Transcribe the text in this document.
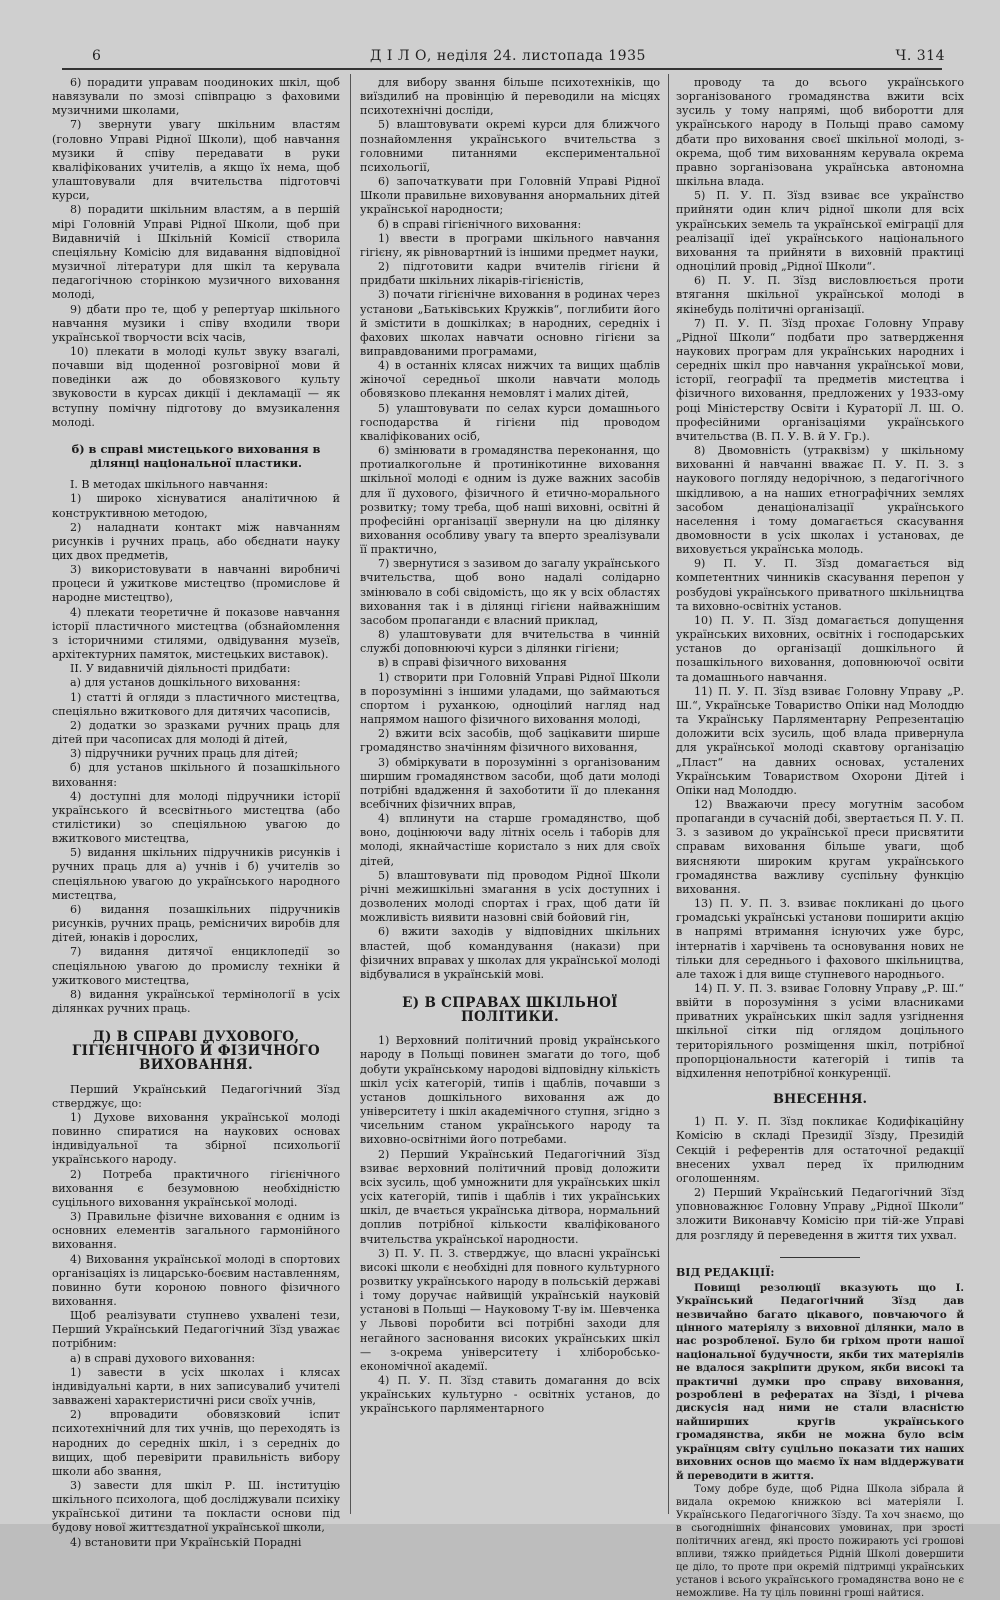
6	Д І Л О, неділя 24. листопада 1935	Ч. 314

6) порадити управам поодиноких шкіл, щоб навязували по змозі співпрацю з фаховими музичними школами,

7) звернути увагу шкільним властям (головно Управі Рідної Школи), щоб навчання музики й співу передавати в руки кваліфікованих учителів, а якщо їх нема, щоб улаштовували для вчительства підготовчі курси,

8) порадити шкільним властям, а в першій мірі Головній Управі Рідної Школи, щоб при Видавничій і Шкільній Комісії створила спеціяльну Комісію для видавання відповідної музичної літератури для шкіл та керувала педагогічною сторінкою музичного виховання молоді,

9) дбати про те, щоб у репертуар шкільного навчання музики і співу входили твори української творчости всіх часів,

10) плекати в молоді культ звуку взагалі, почавши від щоденної розговірної мови й поведінки аж до обовязкового культу звуковости в курсах дикції і декламації — як вступну помічну підготову до вмузикалення молоді.

б) в справі мистецького виховання в ділянці національної пластики.

І. В методах шкільного навчання:

1) широко хіснуватися аналітичною й конструктивною методою,

2) наладнати контакт між навчанням рисунків і ручних праць, або обєднати науку цих двох предметів,

3) використовувати в навчанні виробничі процеси й ужиткове мистецтво (промислове й народне мистецтво),

4) плекати теоретичне й показове навчання історії пластичного мистецтва (обзнайомлення з історичними стилями, одвідування музеїв, архітектурних памяток, мистецьких виставок).

ІІ. У видавничій діяльності придбати:

а) для установ дошкільного виховання:

1) статті й огляди з пластичного мистецтва, спеціяльно вжиткового для дитячих часописів,

2) додатки зо зразками ручних праць для дітей при часописах для молоді й дітей,

3) підручники ручних праць для дітей;

б) для установ шкільного й позашкільного виховання:

4) доступні для молоді підручники історії українського й всесвітнього мистецтва (або стилістики) зо спеціяльною увагою до вжиткового мистецтва,

5) видання шкільних підручників рисунків і ручних праць для а) учнів і б) учителів зо спеціяльною увагою до українського народного мистецтва,

6) видання позашкільних підручників рисунків, ручних праць, ремісничих виробів для дітей, юнаків і дорослих,

7) видання дитячої енциклопедії зо спеціяльною увагою до промислу техніки й ужиткового мистецтва,

8) видання української термінології в усіх ділянках ручних праць.

Д) В СПРАВІ ДУХОВОГО, ГІГІЄНІЧНОГО Й ФІЗИЧНОГО ВИХОВАННЯ.

Перший Український Педагогічний Зїзд стверджує, що:

1) Духове виховання української молоді повинно спиратися на наукових основах індивідуальної та збірної психольогії українського народу.

2) Потреба практичного гігієнічного виховання є безумовною необхідністю суцільного виховання української молоді.

3) Правильне фізичне виховання є одним із основних елементів загального гармонійного виховання.

4) Виховання української молоді в спортових організаціях із лицарсько-боєвим наставленням, повинно бути короною повного фізичного виховання.

Щоб реалізувати ступнево ухвалені тези, Перший Український Педагогічний Зїзд уважає потрібним:

а) в справі духового виховання:

1) завести в усіх школах і клясах індивідуальні карти, в них записувалиб учителі завважені характеристичні риси своїх учнів,

2) впровадити обовязковий іспит психотехнічний для тих учнів, що переходять із народних до середніх шкіл, і з середніх до вищих, щоб перевірити правильність вибору школи або звання,

3) завести для шкіл Р. Ш. інституцію шкільного психолога, щоб досліджували психіку української дитини та покласти основи під будову нової життєздатної української школи,

4) встановити при Українській Порадні

для вибору звання більше психотехніків, що виїздилиб на провінцію й переводили на місцях психотехнічні досліди,

5) влаштовувати окремі курси для ближчого познайомлення українського вчительства з головними питаннями експериментальної психольогії,

6) започаткувати при Головній Управі Рідної Школи правильне виховування анормальних дітей української народности;

б) в справі гігієнічного виховання:

1) ввести в програми шкільного навчання гігієну, як рівновартний із іншими предмет науки,

2) підготовити кадри вчителів гігієни й придбати шкільних лікарів-гігієністів,

3) почати гігієнічне виховання в родинах через установи „Батьківських Кружків“, поглибити його й змістити в дошкілках; в народних, середніх і фахових школах навчати основно гігієни за виправдованими програмами,

4) в останніх клясах нижчих та вищих щаблів жіночої середньої школи навчати молодь обовязково плекання немовлят і малих дітей,

5) улаштовувати по селах курси домашнього господарства й гігієни під проводом кваліфікованих осіб,

6) змінювати в громадянства переконання, що протиалкогольне й протинікотинне виховання шкільної молоді є одним із дуже важних засобів для її духового, фізичного й етично-морального розвитку; тому треба, щоб наші виховні, освітні й професійні організації звернули на цю ділянку виховання особливу увагу та вперто зреалізували її практично,

7) звернутися з зазивом до загалу українського вчительства, щоб воно надалі солідарно змінювало в собі свідомість, що як у всіх областях виховання так і в ділянці гігієни найважнішим засобом пропаганди є власний приклад,

8) улаштовувати для вчительства в чинній службі доповнюючі курси з ділянки гігієни;

в) в справі фізичного виховання

1) створити при Головній Управі Рідної Школи в порозумінні з іншими уладами, що займаються спортом і руханкою, одноцілий нагляд над напрямом нашого фізичного виховання молоді,

2) вжити всіх засобів, щоб зацікавити ширше громадянство значінням фізичного виховання,

3) обміркувати в порозумінні з організованим ширшим громадянством засоби, щоб дати молоді потрібні вдадження й захоботити її до плекання всебічних фізичних вправ,

4) вплинути на старше громадянство, щоб воно, доцінюючи ваду літніх осель і таборів для молоді, якнайчастіше користало з них для своїх дітей,

5) влаштовувати під проводом Рідної Школи річні межишкільні змагання в усіх доступних і дозволених молоді спортах і грах, щоб дати їй можливість виявити назовні свій бойовий гін,

6) вжити заходів у відповідних шкільних властей, щоб командування (накази) при фізичних вправах у школах для української молоді відбувалися в українській мові.

Е) В СПРАВАХ ШКІЛЬНОЇ ПОЛІТИКИ.

1) Верховний політичний провід українського народу в Польщі повинен змагати до того, щоб добути українському народові відповідну кількість шкіл усіх категорій, типів і щаблів, почавши з установ дошкільного виховання аж до університету і шкіл академічного ступня, згідно з чисельним станом українського народу та виховно-освітніми його потребами.

2) Перший Український Педагогічний Зїзд взиває верховний політичний провід доложити всіх зусиль, щоб умножнити для українських шкіл усіх категорій, типів і щаблів і тих українських шкіл, де вчається українська дітвора, нормальний доплив потрібної кількости кваліфікованого вчительства української народности.

3) П. У. П. З. стверджує, що власні українські високі школи є необхідні для повного культурного розвитку українського народу в польській державі і тому доручає найвищій українській науковій установі в Польщі — Науковому Т-ву ім. Шевченка у Львові поробити всі потрібні заходи для негайного засновання високих українських шкіл — з-окрема університету і хліборобсько-економічної академії.

4) П. У. П. Зїзд ставить домагання до всіх українських культурно - освітніх установ, до українського парляментарного

проводу та до всього українського зорганізованого громадянства вжити всіх зусиль у тому напрямі, щоб виборотти для українського народу в Польщі право самому дбати про виховання своєї шкільної молоді, з-окрема, щоб тим вихованням керувала окрема правно зорганізована українська автономна шкільна влада.

5) П. У. П. Зїзд взиває все українство прийняти один клич рідної школи для всіх українських земель та української еміграції для реалізації ідеї українського національного виховання та прийняти в виховній практиці одноцілий провід „Рідної Школи“.

6) П. У. П. Зїзд висловлюється проти втягання шкільної української молоді в якінебудь політичні організації.

7) П. У. П. Зїзд прохає Головну Управу „Рідної Школи“ подбати про затвердження наукових програм для українських народних і середніх шкіл про навчання української мови, історії, географії та предметів мистецтва і фізичного виховання, предложених у 1933-ому році Міністерству Освіти і Кураторії Л. Ш. О. професійними організаціями українського вчительства (В. П. У. В. й У. Гр.).

8) Двомовність (утраквізм) у шкільному вихованні й навчанні вважає П. У. П. З. з наукового погляду недорічною, з педагогічного шкідливою, а на наших етнографічних землях засобом денаціоналізації українського населення і тому домагається скасування двомовности в усіх школах і установах, де виховується українська молодь.

9) П. У. П. Зїзд домагається від компетентних чинників скасування перепон у розбудові українського приватного шкільництва та виховно-освітніх установ.

10) П. У. П. Зїзд домагається допущення українських виховних, освітніх і господарських установ до організації дошкільного й позашкільного виховання, доповнюючої освіти та домашнього навчання.

11) П. У. П. Зїзд взиває Головну Управу „Р. Ш.“, Українське Товариство Опіки над Молоддю та Українську Парляментарну Репрезентацію доложити всіх зусиль, щоб влада привернула для української молоді скавтову організацію „Пласт“ на давних основах, усталених Українським Товариством Охорони Дітей і Опіки над Молоддю.

12) Вважаючи пресу могутнім засобом пропаганди в сучасній добі, звертається П. У. П. З. з зазивом до української преси присвятити справам виховання більше уваги, щоб виясняюти широким кругам українського громадянства важливу суспільну функцію виховання.

13) П. У. П. З. взиває покликані до цього громадські українські установи поширити акцію в напрямі втримання існуючих уже бурс, інтернатів і харчівень та основування нових не тільки для середнього і фахового шкільництва, але тахож і для вище ступневого народнього.

14) П. У. П. З. взиває Головну Управу „Р. Ш.“ ввійти в порозуміння з усіми власниками приватних українських шкіл задля узгіднення шкільної сітки під оглядом доцільного територіяльного розміщення шкіл, потрібної пропорціональности категорій і типів та відхилення непотрібної конкуренції.

ВНЕСЕННЯ.

1) П. У. П. Зїзд покликає Кодифікаційну Комісію в складі Президії Зїзду, Президій Секцій і референтів для остаточної редакції внесених ухвал перед їх прилюдним оголошенням.

2) Перший Український Педагогічний Зїзд уповноважнює Головну Управу „Рідної Школи“ зложити Виконавчу Комісію при тій-же Управі для розгляду й переведення в життя тих ухвал.

ВІД РЕДАКЦІЇ:

Повищі резолюції вказують що І. Український Педагогічний Зїзд дав незвичайно багато цікавого, повчаючого й цінного матеріялу з виховної ділянки, мало в нас розробленої. Було би гріхом проти нашої національної будучности, якби тих матеріялів не вдалося закріпити друком, якби високі та практичні думки про справу виховання, розроблені в рефератах на Зїзді, і річева дискусія над ними не стали власністю найширших кругів українського громадянства, якби не можна було всім українцям світу суцільно показати тих наших виховних основ що маємо їх нам віддержувати й переводити в життя.

Тому добре буде, щоб Рідна Школа зібрала й видала окремою книжкою всі матеріяли І. Українського Педагогічного Зїзду. Та хоч знаємо, що в сьогоднішніх фінансових умовинах, при зрості політичних агенд, які просто пожирають усі грошові впливи, тяжко прийдеться Рідній Школі довершити це діло, то проте при окремій підтримці українських установ і всього українського громадянства воно не є неможливе. На ту ціль повинні гроші найтися.
